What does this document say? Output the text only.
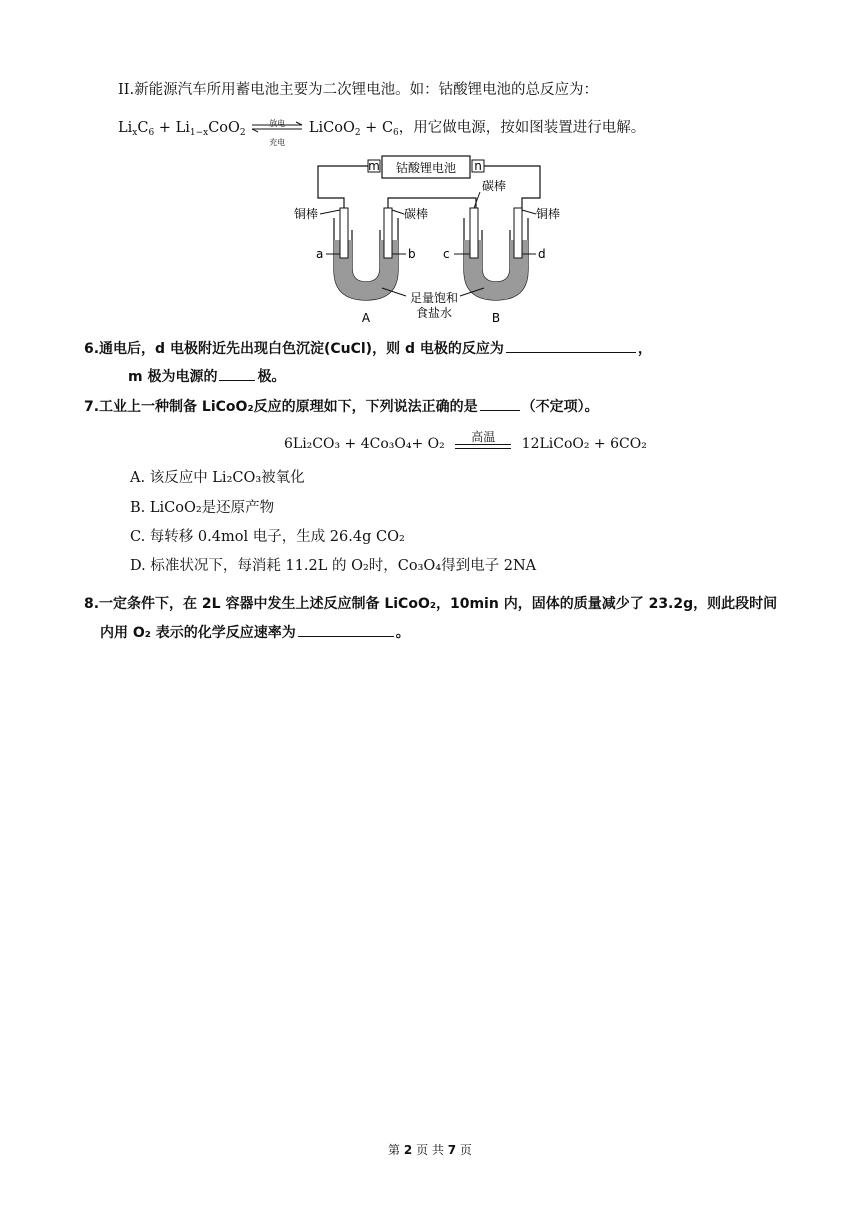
II.新能源汽车所用蓄电池主要为二次锂电池。如：钴酸锂电池的总反应为：
$Li_xC_6 + Li_{1-x}CoO_2$
放电
充电
LiCoO$_2$ + $C_6$，用它做电源，按如图装置进行电解。
钴酸锂电池
m	n
a	b c	d
铜棒	碳棒
碳棒
铜棒
足量饱和
食盐水
A	B
6.通电后，d 电极附近先出现白色沉淀(CuCl)，则 d 电极的反应为	，
m 极为电源的	极。
7.工业上一种制备 LiCoO₂反应的原理如下，下列说法正确的是	（不定项）。
6Li₂CO₃ + 4Co₃O₄+ O₂	高温	12LiCoO₂ + 6CO₂
A. 该反应中 Li₂CO₃被氧化
B. LiCoO₂是还原产物
C. 每转移 0.4mol 电子，生成 26.4g CO₂
D. 标准状况下，每消耗 11.2L 的 O₂时，Co₃O₄得到电子 2NA
8.一定条件下，在 2L 容器中发生上述反应制备 LiCoO₂，10min 内，固体的质量减少了 23.2g，则此段时间
内用 O₂ 表示的化学反应速率为	。
第 2 页 共 7 页
